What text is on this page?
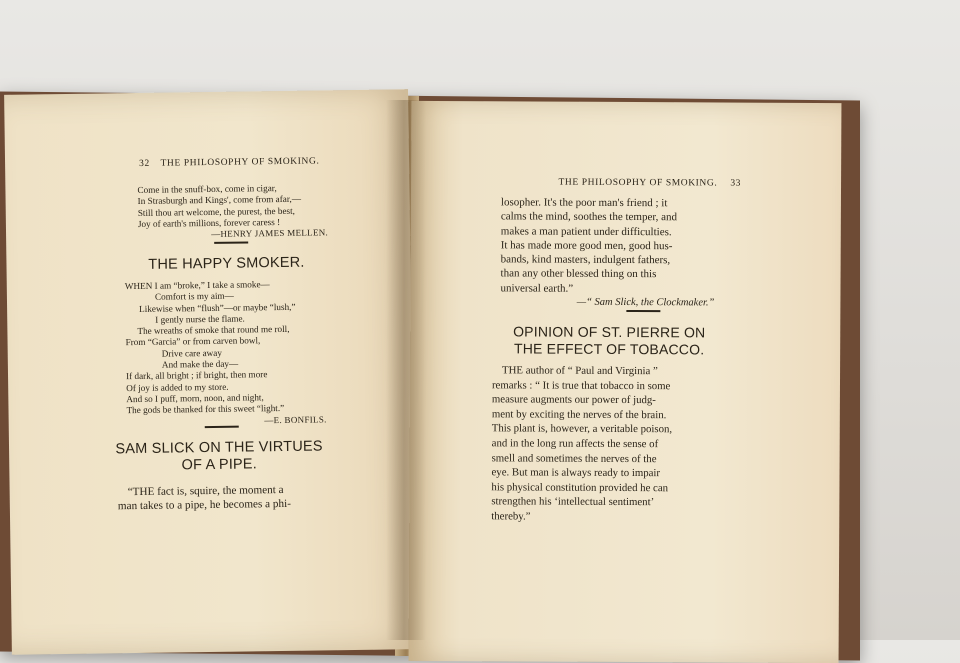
32 THE PHILOSOPHY OF SMOKING.
Come in the snuff-box, come in cigar,
In Strasburgh and Kings', come from afar,—
Still thou art welcome, the purest, the best,
Joy of earth's millions, forever caress !
—HENRY JAMES MELLEN.
THE HAPPY SMOKER.
WHEN I am “broke,” I take a smoke—
Comfort is my aim—
Likewise when “flush”—or maybe “lush,”
I gently nurse the flame.
The wreaths of smoke that round me roll,
From “Garcia” or from carven bowl,
Drive care away
And make the day—
If dark, all bright ; if bright, then more
Of joy is added to my store.
And so I puff, morn, noon, and night,
The gods be thanked for this sweet “light.”
—E. BONFILS.
SAM SLICK ON THE VIRTUES
OF A PIPE.
“THE fact is, squire, the moment a
man takes to a pipe, he becomes a phi-
THE PHILOSOPHY OF SMOKING. 33
losopher. It's the poor man's friend ; it
calms the mind, soothes the temper, and
makes a man patient under difficulties.
It has made more good men, good hus-
bands, kind masters, indulgent fathers,
than any other blessed thing on this
universal earth.”
—“ Sam Slick, the Clockmaker.”
OPINION OF ST. PIERRE ON
THE EFFECT OF TOBACCO.
THE author of “ Paul and Virginia ”
remarks : “ It is true that tobacco in some
measure augments our power of judg-
ment by exciting the nerves of the brain.
This plant is, however, a veritable poison,
and in the long run affects the sense of
smell and sometimes the nerves of the
eye. But man is always ready to impair
his physical constitution provided he can
strengthen his ‘intellectual sentiment’
thereby.”
